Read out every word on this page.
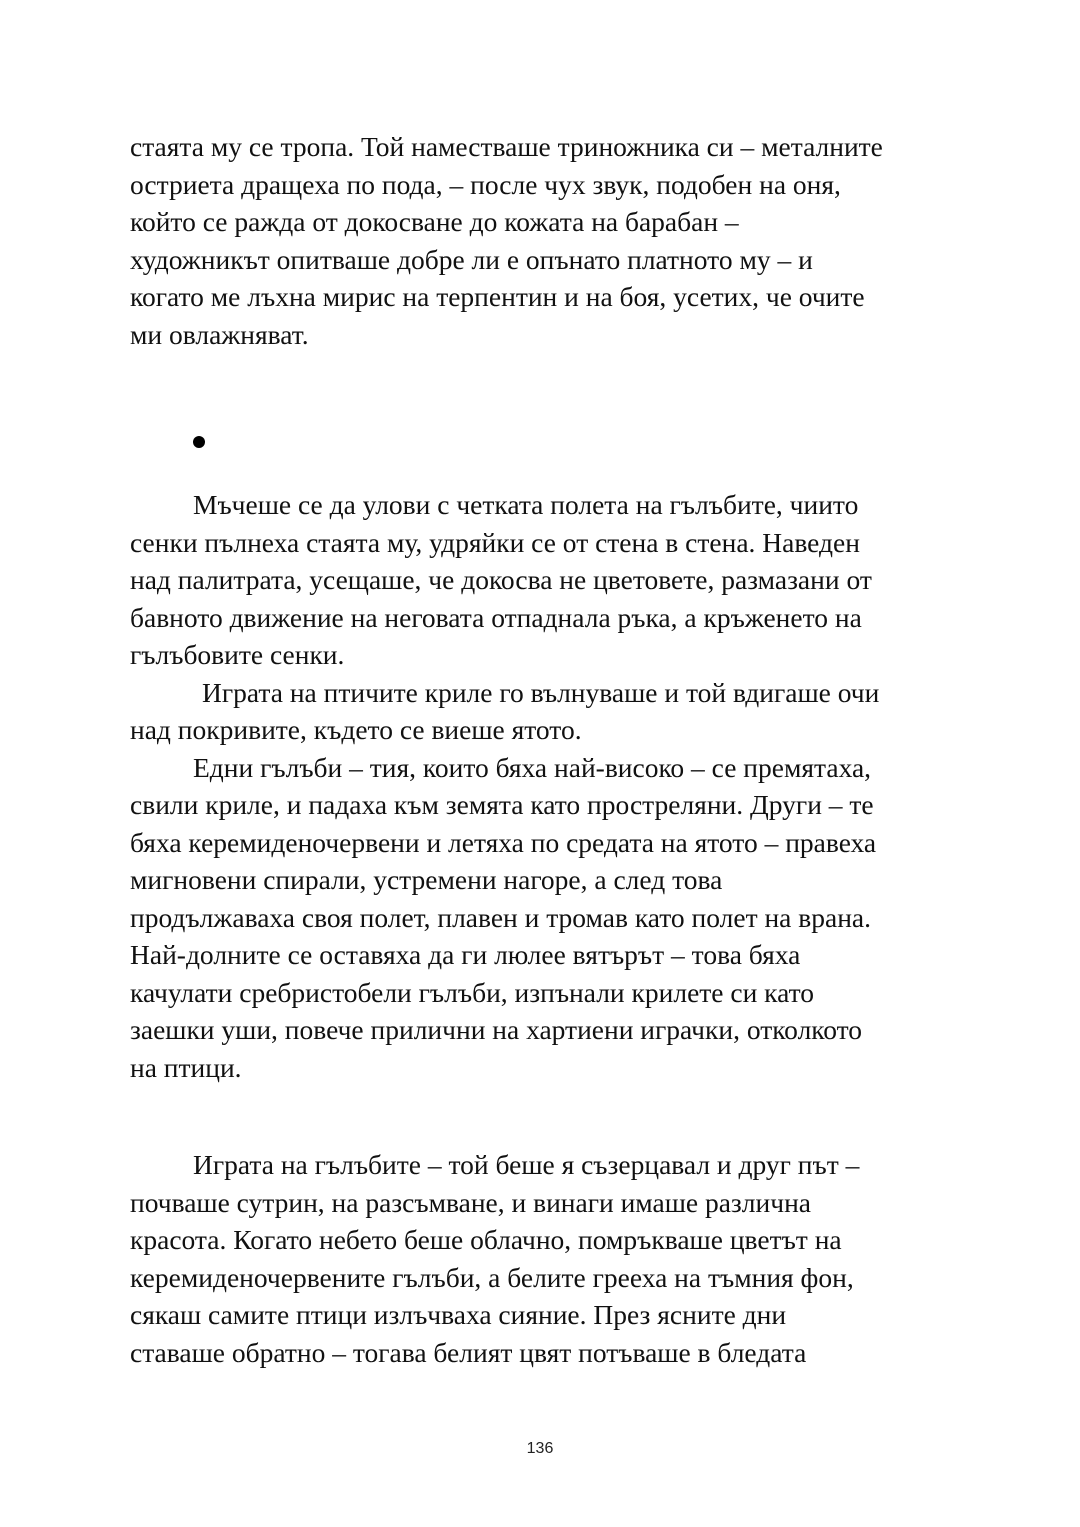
стаята му се тропа. Той наместваше триножника си – металните
остриета дращеха по пода, – после чух звук, подобен на оня,
който се ражда от докосване до кожата на барабан –
художникът опитваше добре ли е опънато платното му – и
когато ме лъхна мирис на терпентин и на боя, усетих, че очите
ми овлажняват.

Мъчеше се да улови с четката полета на гълъбите, чиито
сенки пълнеха стаята му, удряйки се от стена в стена. Наведен
над палитрата, усещаше, че докосва не цветовете, размазани от
бавното движение на неговата отпаднала ръка, а кръженето на
гълъбовите сенки.

Играта на птичите криле го вълнуваше и той вдигаше очи
над покривите, където се виеше ятото.

Едни гълъби – тия, които бяха най-високо – се премятаха,
свили криле, и падаха към земята като простреляни. Други – те
бяха керемиденочервени и летяха по средата на ятото – правеха
мигновени спирали, устремени нагоре, а след това
продължаваха своя полет, плавен и тромав като полет на врана.
Най-долните се оставяха да ги люлее вятърът – това бяха
качулати сребристобели гълъби, изпънали крилете си като
заешки уши, повече прилични на хартиени играчки, отколкото
на птици.

Играта на гълъбите – той беше я съзерцавал и друг път –
почваше сутрин, на разсъмване, и винаги имаше различна
красота. Когато небето беше облачно, помръкваше цветът на
керемиденочервените гълъби, а белите грееха на тъмния фон,
сякаш самите птици излъчваха сияние. През ясните дни
ставаше обратно – тогава белият цвят потъваше в бледата
136
